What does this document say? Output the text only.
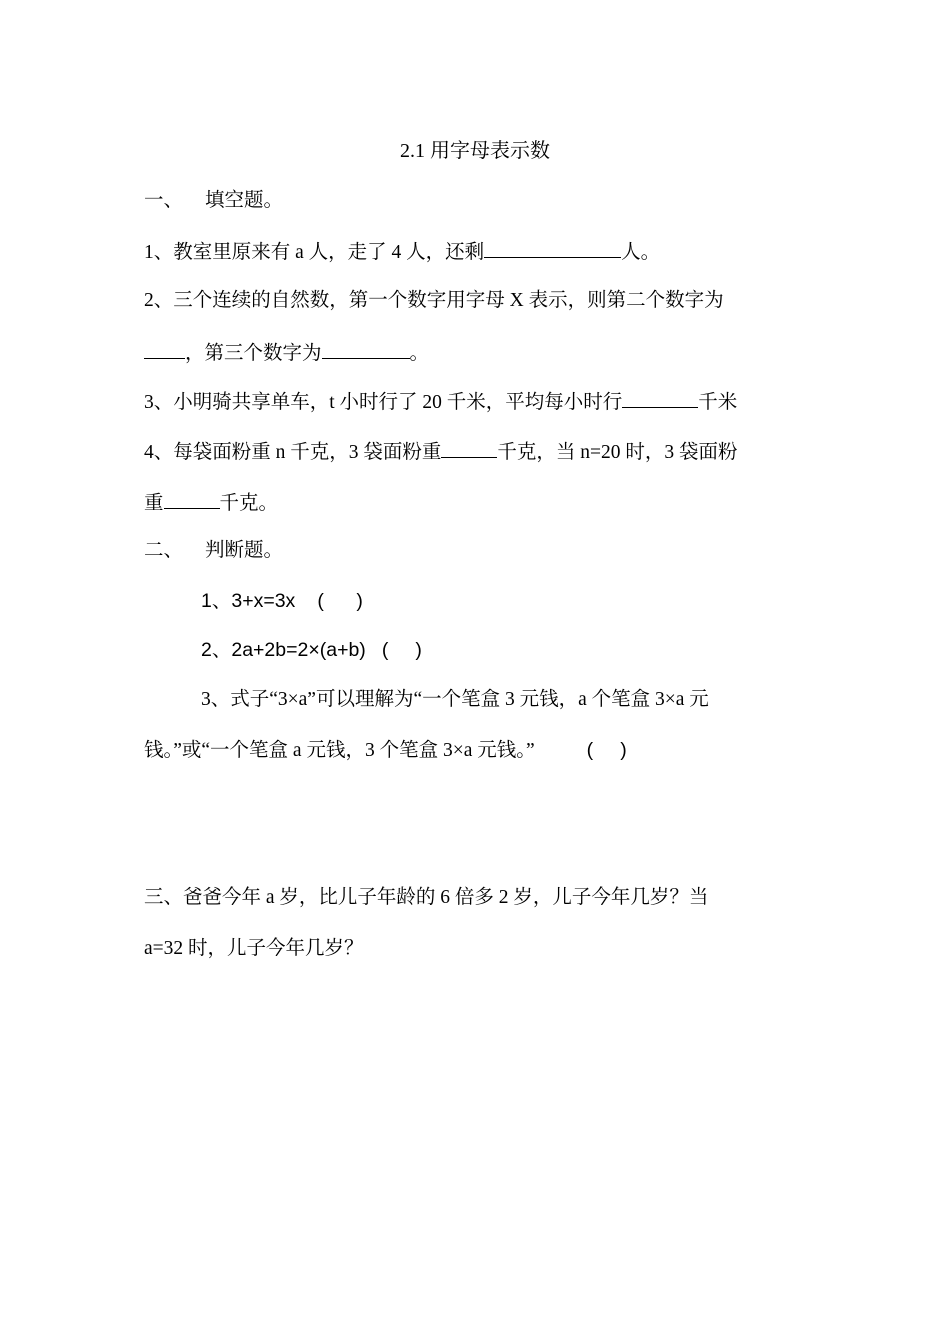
2.1 用字母表示数
一、 填空题。
1、教室里原来有 a 人，走了 4 人，还剩	人。
2、三个连续的自然数，第一个数字用字母 X 表示，则第二个数字为
，第三个数字为	。
3、小明骑共享单车，t 小时行了 20 千米，平均每小时行	千米
4、每袋面粉重 n 千克，3 袋面粉重	千克，当 n=20 时，3 袋面粉
重	千克。
二、 判断题。
1、3+x=3x (      )
2、2a+2b=2×(a+b) (     )
3、式子“3×a”可以理解为“一个笔盒 3 元钱，a 个笔盒 3×a 元
钱。”或“一个笔盒 a 元钱，3 个笔盒 3×a 元钱。”	(     )
三、爸爸今年 a 岁，比儿子年龄的 6 倍多 2 岁，儿子今年几岁？当
a=32 时，儿子今年几岁？
